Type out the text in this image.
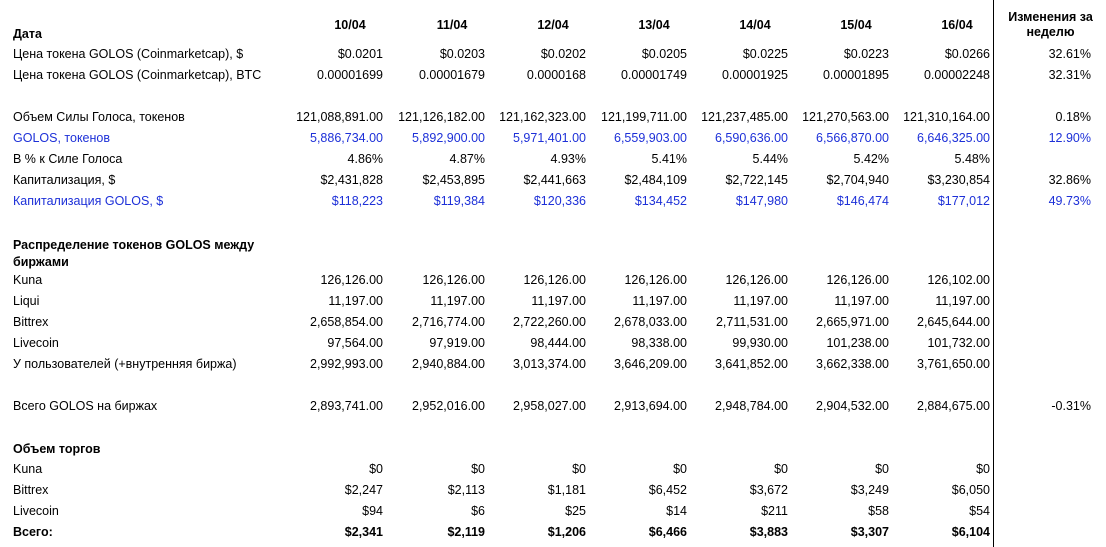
Дата
10/04	11/04	12/04	13/04	14/04	15/04	16/04
Изменения за
неделю
Цена токена GOLOS (Coinmarketcap), $	$0.0201	$0.0203	$0.0202	$0.0205	$0.0225	$0.0223	$0.0266	32.61%
Цена токена GOLOS (Coinmarketcap), BTC	0.00001699	0.00001679	0.0000168	0.00001749	0.00001925	0.00001895	0.00002248	32.31%
Объем Силы Голоса, токенов	121,088,891.00	121,126,182.00	121,162,323.00	121,199,711.00	121,237,485.00	121,270,563.00	121,310,164.00	0.18%
GOLOS, токенов	5,886,734.00	5,892,900.00	5,971,401.00	6,559,903.00	6,590,636.00	6,566,870.00	6,646,325.00	12.90%
В % к Силе Голоса	4.86%	4.87%	4.93%	5.41%	5.44%	5.42%	5.48%
Капитализация, $	$2,431,828	$2,453,895	$2,441,663	$2,484,109	$2,722,145	$2,704,940	$3,230,854	32.86%
Капитализация GOLOS, $	$118,223	$119,384	$120,336	$134,452	$147,980	$146,474	$177,012	49.73%
Распределение токенов GOLOS между
биржами
Kuna	126,126.00	126,126.00	126,126.00	126,126.00	126,126.00	126,126.00	126,102.00
Liqui	11,197.00	11,197.00	11,197.00	11,197.00	11,197.00	11,197.00	11,197.00
Bittrex	2,658,854.00	2,716,774.00	2,722,260.00	2,678,033.00	2,711,531.00	2,665,971.00	2,645,644.00
Livecoin	97,564.00	97,919.00	98,444.00	98,338.00	99,930.00	101,238.00	101,732.00
У пользователей (+внутренняя биржа)	2,992,993.00	2,940,884.00	3,013,374.00	3,646,209.00	3,641,852.00	3,662,338.00	3,761,650.00
Всего GOLOS на биржах	2,893,741.00	2,952,016.00	2,958,027.00	2,913,694.00	2,948,784.00	2,904,532.00	2,884,675.00	-0.31%
Объем торгов
Kuna	$0	$0	$0	$0	$0	$0	$0
Bittrex	$2,247	$2,113	$1,181	$6,452	$3,672	$3,249	$6,050
Livecoin	$94	$6	$25	$14	$211	$58	$54
Всего:	$2,341	$2,119	$1,206	$6,466	$3,883	$3,307	$6,104
